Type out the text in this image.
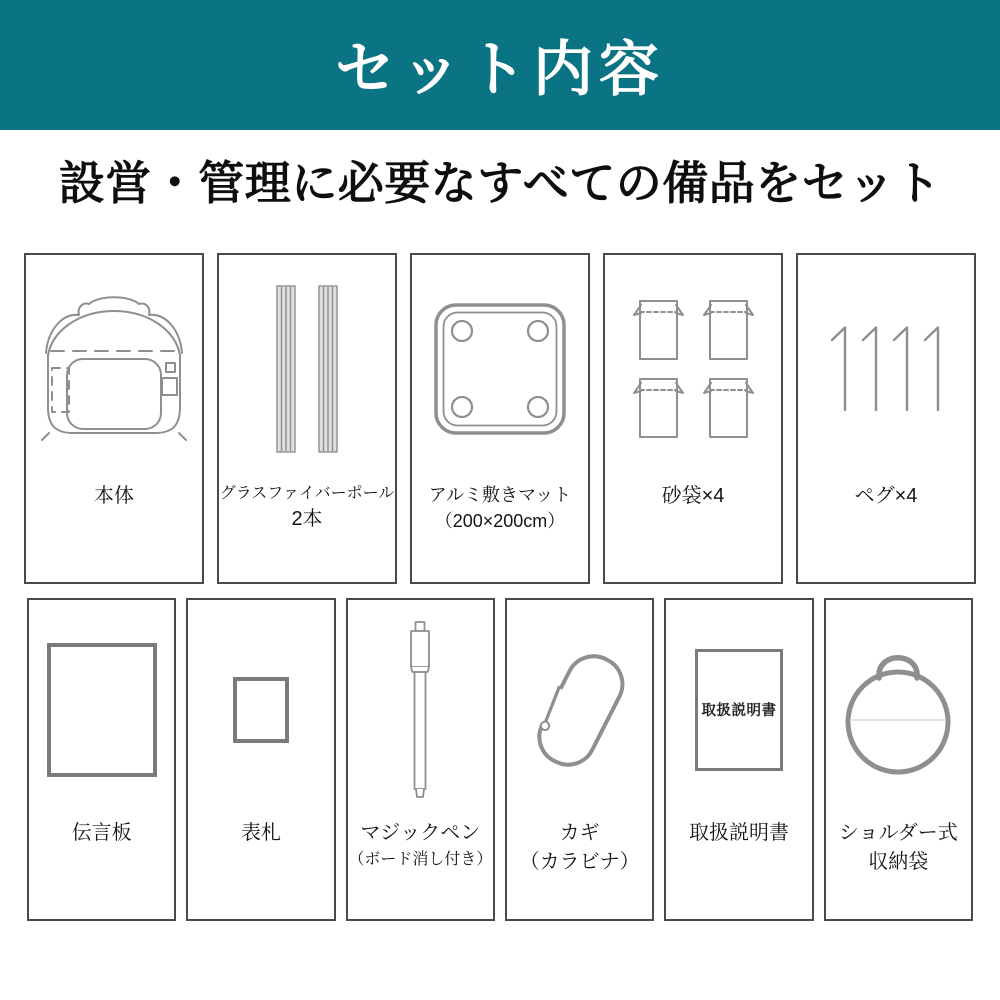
セット内容
設営・管理に必要なすべての備品をセット
本体	グラスファイバーポール
2本
アルミ敷きマット
（200×200cm）
砂袋×4	ペグ×4
伝言板	表札	マジックペン
（ボード消し付き）
カギ
（カラビナ）
取扱説明書
取扱説明書 ショルダー式
収納袋
